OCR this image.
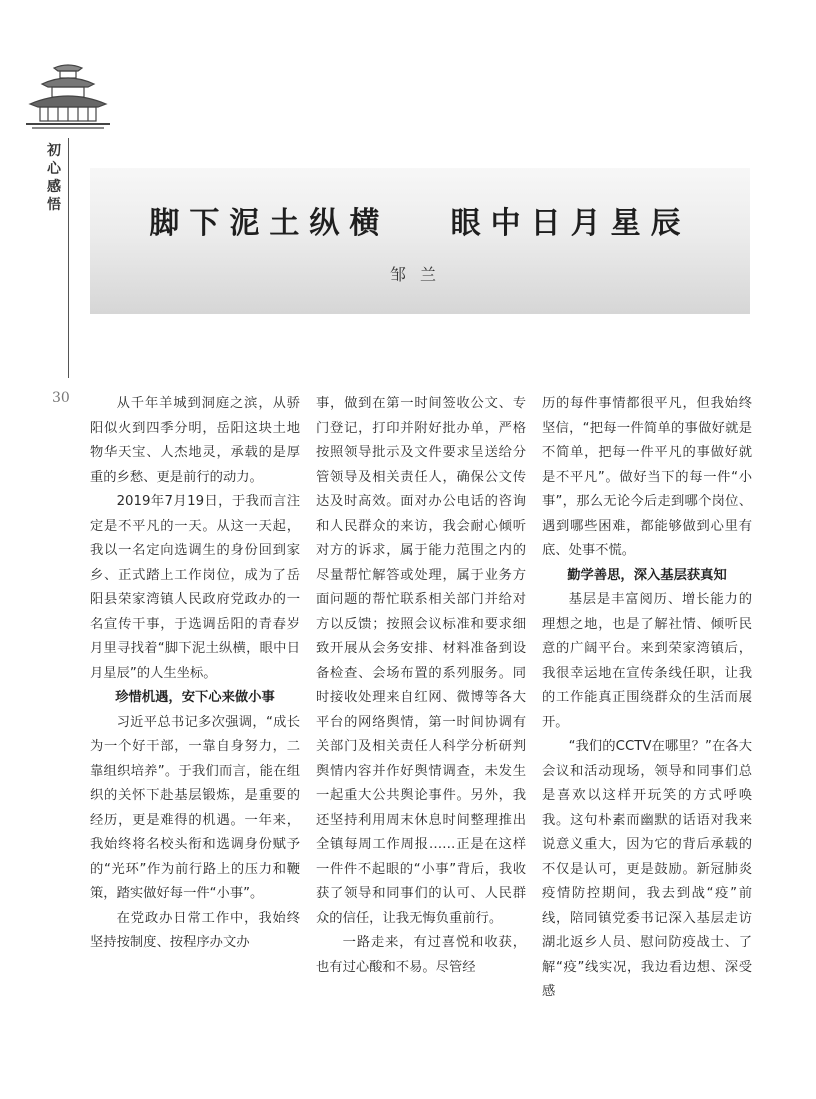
初
心
感
悟
30
脚下泥土纵横   眼中日月星辰
邹兰

从千年羊城到洞庭之滨，从骄阳似火到四季分明，岳阳这块土地物华天宝、人杰地灵，承载的是厚重的乡愁、更是前行的动力。

2019年7月19日，于我而言注定是不平凡的一天。从这一天起，我以一名定向选调生的身份回到家乡、正式踏上工作岗位，成为了岳阳县荣家湾镇人民政府党政办的一名宣传干事，于选调岳阳的青春岁月里寻找着“脚下泥土纵横，眼中日月星辰”的人生坐标。

珍惜机遇，安下心来做小事

习近平总书记多次强调，“成长为一个好干部，一靠自身努力，二靠组织培养”。于我们而言，能在组织的关怀下赴基层锻炼，是重要的经历，更是难得的机遇。一年来，我始终将名校头衔和选调身份赋予的“光环”作为前行路上的压力和鞭策，踏实做好每一件“小事”。

在党政办日常工作中，我始终坚持按制度、按程序办文办

事，做到在第一时间签收公文、专门登记，打印并附好批办单，严格按照领导批示及文件要求呈送给分管领导及相关责任人，确保公文传达及时高效。面对办公电话的咨询和人民群众的来访，我会耐心倾听对方的诉求，属于能力范围之内的尽量帮忙解答或处理，属于业务方面问题的帮忙联系相关部门并给对方以反馈；按照会议标准和要求细致开展从会务安排、材料准备到设备检查、会场布置的系列服务。同时接收处理来自红网、微博等各大平台的网络舆情，第一时间协调有关部门及相关责任人科学分析研判舆情内容并作好舆情调查，未发生一起重大公共舆论事件。另外，我还坚持利用周末休息时间整理推出全镇每周工作周报……正是在这样一件件不起眼的“小事”背后，我收获了领导和同事们的认可、人民群众的信任，让我无悔负重前行。

一路走来，有过喜悦和收获，也有过心酸和不易。尽管经

历的每件事情都很平凡，但我始终坚信，“把每一件简单的事做好就是不简单，把每一件平凡的事做好就是不平凡”。做好当下的每一件“小事”，那么无论今后走到哪个岗位、遇到哪些困难，都能够做到心里有底、处事不慌。

勤学善思，深入基层获真知

基层是丰富阅历、增长能力的理想之地，也是了解社情、倾听民意的广阔平台。来到荣家湾镇后，我很幸运地在宣传条线任职，让我的工作能真正围绕群众的生活而展开。

“我们的CCTV在哪里？”在各大会议和活动现场，领导和同事们总是喜欢以这样开玩笑的方式呼唤我。这句朴素而幽默的话语对我来说意义重大，因为它的背后承载的不仅是认可，更是鼓励。新冠肺炎疫情防控期间，我去到战“疫”前线，陪同镇党委书记深入基层走访湖北返乡人员、慰问防疫战士、了解“疫”线实况，我边看边想、深受感
